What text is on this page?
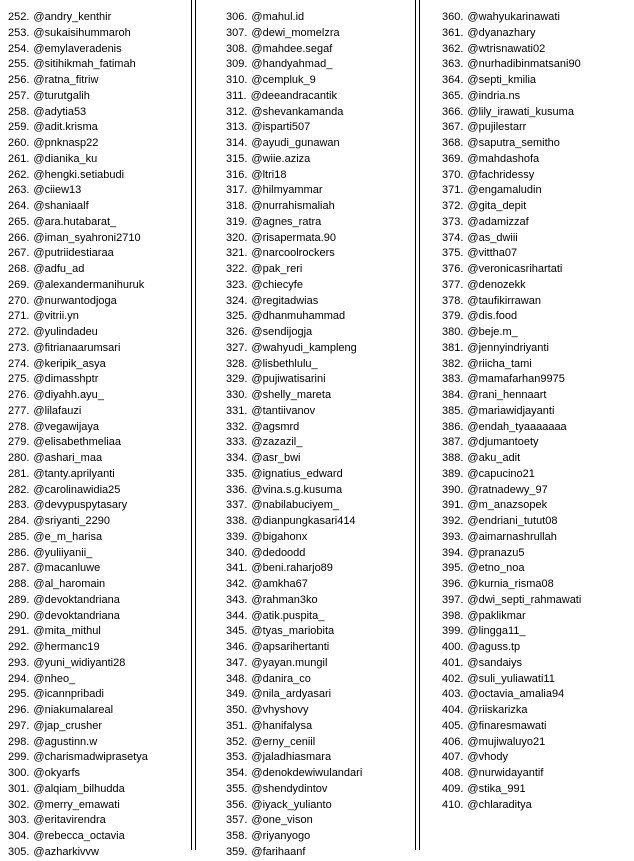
252. @andry_kenthir
253. @sukaisihummaroh
254. @emylaveradenis
255. @sitihikmah_fatimah
256. @ratna_fitriw
257. @turutgalih
258. @adytia53
259. @adit.krisma
260. @pnknasp22
261. @dianika_ku
262. @hengki.setiabudi
263. @ciiew13
264. @shaniaalf
265. @ara.hutabarat_
266. @iman_syahroni2710
267. @putriidestiaraa
268. @adfu_ad
269. @alexandermanihuruk
270. @nurwantodjoga
271. @vitrii.yn
272. @yulindadeu
273. @fitrianaarumsari
274. @keripik_asya
275. @dimasshptr
276. @diyahh.ayu_
277. @lilafauzi
278. @vegawijaya
279. @elisabethmeliaa
280. @ashari_maa
281. @tanty.aprilyanti
282. @carolinawidia25
283. @devypuspytasary
284. @sriyanti_2290
285. @e_m_harisa
286. @yuliiyanii_
287. @macanluwe
288. @al_haromain
289. @devoktandriana
290. @devoktandriana
291. @mita_mithul
292. @hermanc19
293. @yuni_widiyanti28
294. @nheo_
295. @icannpribadi
296. @niakumalareal
297. @jap_crusher
298. @agustinn.w
299. @charismadwiprasetya
300. @okyarfs
301. @alqiam_bilhudda
302. @merry_emawati
303. @eritavirendra
304. @rebecca_octavia
305. @azharkivvw
306. @mahul.id
307. @dewi_momelzra
308. @mahdee.segaf
309. @handyahmad_
310. @cempluk_9
311. @deeandracantik
312. @shevankamanda
313. @isparti507
314. @ayudi_gunawan
315. @wiie.aziza
316. @ltri18
317. @hilmyammar
318. @nurrahismaliah
319. @agnes_ratra
320. @risapermata.90
321. @narcoolrockers
322. @pak_reri
323. @chiecyfe
324. @regitadwias
325. @dhanmuhammad
326. @sendijogja
327. @wahyudi_kampleng
328. @lisbethlulu_
329. @pujiwatisarini
330. @shelly_mareta
331. @tantiivanov
332. @agsmrd
333. @zazazil_
334. @asr_bwi
335. @ignatius_edward
336. @vina.s.g.kusuma
337. @nabilabuciyem_
338. @dianpungkasari414
339. @bigahonx
340. @dedoodd
341. @beni.raharjo89
342. @amkha67
343. @rahman3ko
344. @atik.puspita_
345. @tyas_mariobita
346. @apsarihertanti
347. @yayan.mungil
348. @danira_co
349. @nila_ardyasari
350. @vhyshovy
351. @hanifalysa
352. @erny_ceniil
353. @jaladhiasmara
354. @denokdewiwulandari
355. @shendydintov
356. @iyack_yulianto
357. @one_vison
358. @riyanyogo
359. @farihaanf
360. @wahyukarinawati
361. @dyanazhary
362. @wtrisnawati02
363. @nurhadibinmatsani90
364. @septi_kmilia
365. @indria.ns
366. @lily_irawati_kusuma
367. @pujilestarr
368. @saputra_semitho
369. @mahdashofa
370. @fachridessy
371. @engamaludin
372. @gita_depit
373. @adamizzaf
374. @as_dwiii
375. @vittha07
376. @veronicasrihartati
377. @denozekk
378. @taufikirrawan
379. @dis.food
380. @beje.m_
381. @jennyindriyanti
382. @riicha_tami
383. @mamafarhan9975
384. @rani_hennaart
385. @mariawidjayanti
386. @endah_tyaaaaaaa
387. @djumantoety
388. @aku_adit
389. @capucino21
390. @ratnadewy_97
391. @m_anazsopek
392. @endriani_tutut08
393. @aimarnashrullah
394. @pranazu5
395. @etno_noa
396. @kurnia_risma08
397. @dwi_septi_rahmawati
398. @paklikmar
399. @lingga11_
400. @aguss.tp
401. @sandaiys
402. @suli_yuliawati11
403. @octavia_amalia94
404. @riiskarizka
405. @finaresmawati
406. @mujiwaluyo21
407. @vhody
408. @nurwidayantif
409. @stika_991
410. @chlaraditya
